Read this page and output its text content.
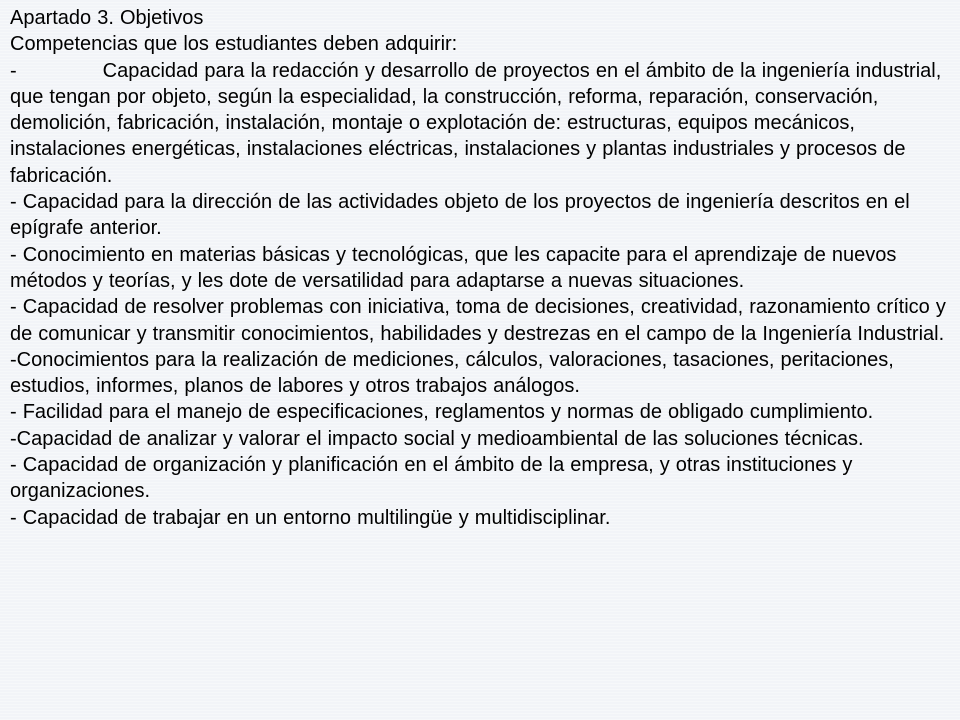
Apartado 3. Objetivos

Competencias que los estudiantes deben adquirir:

-	Capacidad para la redacción y desarrollo de proyectos en el ámbito de la ingeniería industrial, que tengan por objeto, según la especialidad, la construcción, reforma, reparación, conservación, demolición, fabricación, instalación, montaje o explotación de: estructuras, equipos mecánicos, instalaciones energéticas, instalaciones eléctricas, instalaciones y plantas industriales y procesos de fabricación.

- Capacidad para la dirección de las actividades objeto de los proyectos de ingeniería descritos en el epígrafe anterior.

- Conocimiento en materias básicas y tecnológicas, que les capacite para el aprendizaje de nuevos métodos y teorías, y les dote de versatilidad para adaptarse a nuevas situaciones.

- Capacidad de resolver problemas con iniciativa, toma de decisiones, creatividad, razonamiento crítico y de comunicar y transmitir conocimientos, habilidades y destrezas en el campo de la Ingeniería Industrial.

-Conocimientos para la realización de mediciones, cálculos, valoraciones, tasaciones, peritaciones, estudios, informes, planos de labores y otros trabajos análogos.

- Facilidad para el manejo de especificaciones, reglamentos y normas de obligado cumplimiento.

-Capacidad de analizar y valorar el impacto social y medioambiental de las soluciones técnicas.

- Capacidad de organización y planificación en el ámbito de la empresa, y otras instituciones y organizaciones.

- Capacidad de trabajar en un entorno multilingüe y multidisciplinar.
